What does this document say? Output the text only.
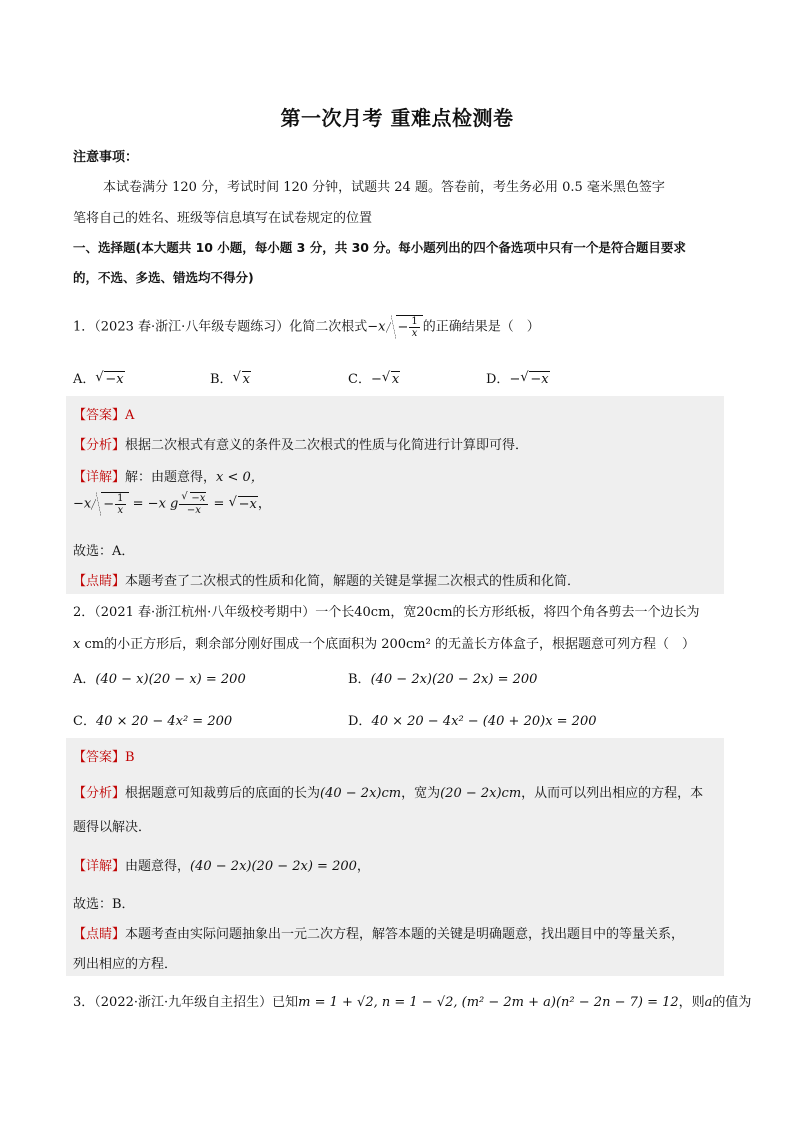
第一次月考 重难点检测卷
注意事项：
本试卷满分 120 分，考试时间 120 分钟，试题共 24 题。答卷前，考生务必用 0.5 毫米黑色签字
笔将自己的姓名、班级等信息填写在试卷规定的位置
一、选择题(本大题共 10 小题，每小题 3 分，共 30 分。每小题列出的四个备选项中只有一个是符合题目要求
的，不选、多选、错选均不得分)
1．（2023 春·浙江·八年级专题练习）化简二次根式$-x - \frac{1}{x}$ 的正确结果是（　）
A． √ −x	B． √ x	C．− √ x	D．− √ −x
【答案】A
【分析】根据二次根式有意义的条件及二次根式的性质与化简进行计算即可得．
【详解】解：由题意得，x < 0，
$-x - \frac{1}{x} = -x$ g √ $\frac{-x}{-x}$ = √ −x，
故选：A．
【点睛】本题考查了二次根式的性质和化简，解题的关键是掌握二次根式的性质和化简．
2．（2021 春·浙江杭州·八年级校考期中）一个长40cm，宽20cm的长方形纸板，将四个角各剪去一个边长为
x cm的小正方形后，剩余部分刚好围成一个底面积为 200cm² 的无盖长方体盒子，根据题意可列方程（　）
A．(40 − x)(20 − x) = 200	B．(40 − 2x)(20 − 2x) = 200
C．40 × 20 − 4x² = 200	D．40 × 20 − 4x² − (40 + 20)x = 200
【答案】B
【分析】根据题意可知裁剪后的底面的长为(40 − 2x)cm，宽为(20 − 2x)cm，从而可以列出相应的方程，本
题得以解决．
【详解】由题意得，(40 − 2x)(20 − 2x) = 200，
故选：B．
【点睛】本题考查由实际问题抽象出一元二次方程，解答本题的关键是明确题意，找出题目中的等量关系，
列出相应的方程．
3．（2022·浙江·九年级自主招生）已知m = 1 + √2, n = 1 − √2, (m² − 2m + a)(n² − 2n − 7) = 12，则a的值为
